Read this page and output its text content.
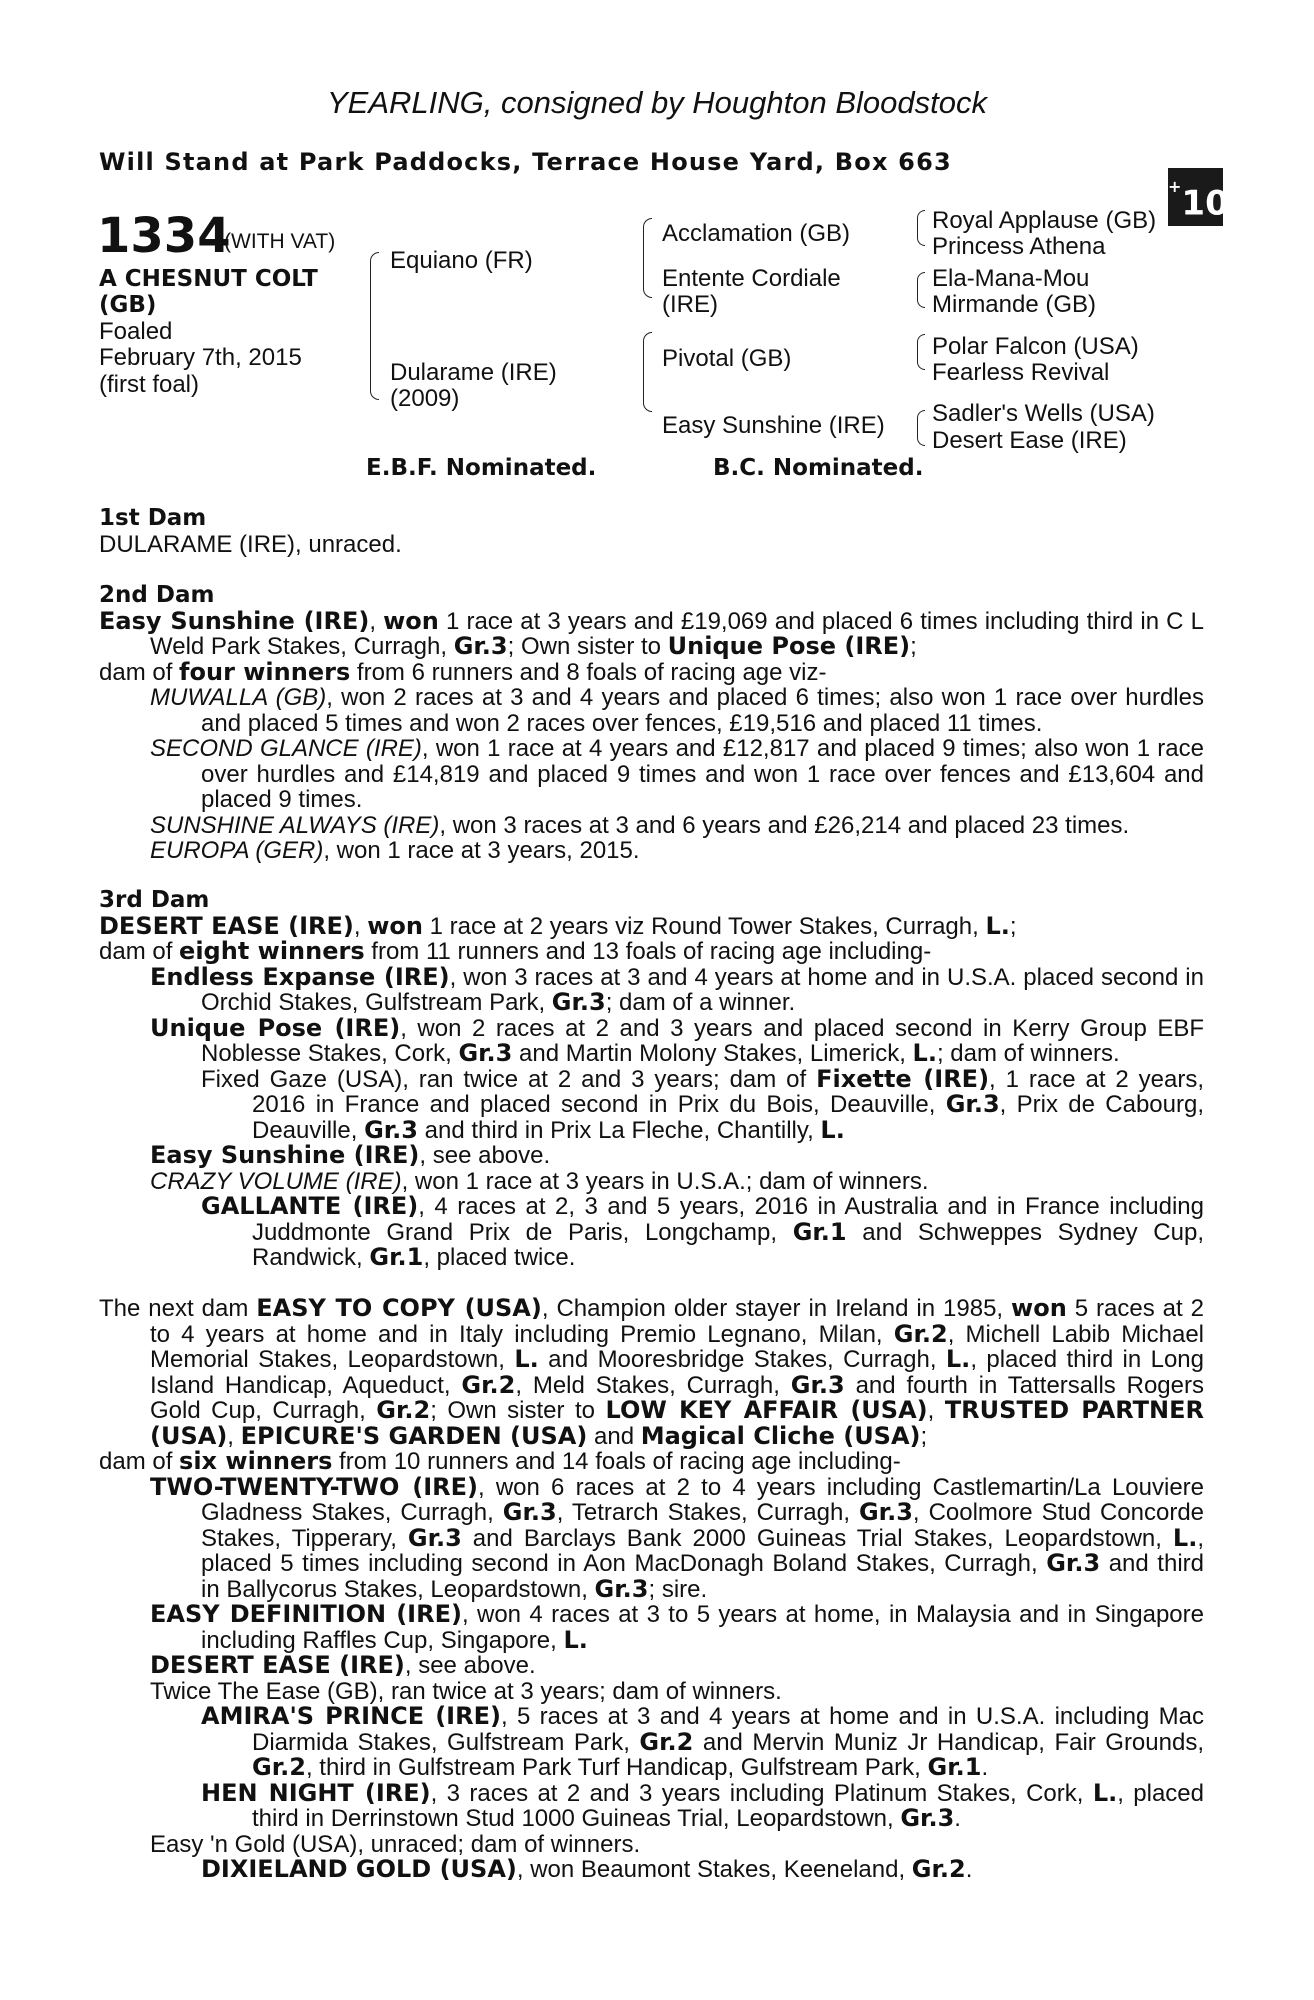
YEARLING, consigned by Houghton Bloodstock
Will Stand at Park Paddocks, Terrace House Yard, Box 663
+10
1334
(WITH VAT)
A CHESNUT COLT
(GB)
Foaled
February 7th, 2015
(first foal)
Equiano (FR)
Dularame (IRE)
(2009)
Acclamation (GB)
Entente Cordiale
(IRE)
Pivotal (GB)
Easy Sunshine (IRE)
Royal Applause (GB)
Princess Athena
Ela-Mana-Mou
Mirmande (GB)
Polar Falcon (USA)
Fearless Revival
Sadler's Wells (USA)
Desert Ease (IRE)
E.B.F. Nominated.	B.C. Nominated.

1st Dam

DULARAME (IRE), unraced.

2nd Dam

Easy Sunshine (IRE), won 1 race at 3 years and £19,069 and placed 6 times including third in C L Weld Park Stakes, Curragh, Gr.3; Own sister to Unique Pose (IRE);

dam of four winners from 6 runners and 8 foals of racing age viz-

MUWALLA (GB), won 2 races at 3 and 4 years and placed 6 times; also won 1 race over hurdles and placed 5 times and won 2 races over fences, £19,516 and placed 11 times.

SECOND GLANCE (IRE), won 1 race at 4 years and £12,817 and placed 9 times; also won 1 race over hurdles and £14,819 and placed 9 times and won 1 race over fences and £13,604 and placed 9 times.

SUNSHINE ALWAYS (IRE), won 3 races at 3 and 6 years and £26,214 and placed 23 times.

EUROPA (GER), won 1 race at 3 years, 2015.

3rd Dam

DESERT EASE (IRE), won 1 race at 2 years viz Round Tower Stakes, Curragh, L.;

dam of eight winners from 11 runners and 13 foals of racing age including-

Endless Expanse (IRE), won 3 races at 3 and 4 years at home and in U.S.A. placed second in Orchid Stakes, Gulfstream Park, Gr.3; dam of a winner.

Unique Pose (IRE), won 2 races at 2 and 3 years and placed second in Kerry Group EBF Noblesse Stakes, Cork, Gr.3 and Martin Molony Stakes, Limerick, L.; dam of winners.

Fixed Gaze (USA), ran twice at 2 and 3 years; dam of Fixette (IRE), 1 race at 2 years, 2016 in France and placed second in Prix du Bois, Deauville, Gr.3, Prix de Cabourg, Deauville, Gr.3 and third in Prix La Fleche, Chantilly, L.

Easy Sunshine (IRE), see above.

CRAZY VOLUME (IRE), won 1 race at 3 years in U.S.A.; dam of winners.

GALLANTE (IRE), 4 races at 2, 3 and 5 years, 2016 in Australia and in France including Juddmonte Grand Prix de Paris, Longchamp, Gr.1 and Schweppes Sydney Cup, Randwick, Gr.1, placed twice.

The next dam EASY TO COPY (USA), Champion older stayer in Ireland in 1985, won 5 races at 2 to 4 years at home and in Italy including Premio Legnano, Milan, Gr.2, Michell Labib Michael Memorial Stakes, Leopardstown, L. and Mooresbridge Stakes, Curragh, L., placed third in Long Island Handicap, Aqueduct, Gr.2, Meld Stakes, Curragh, Gr.3 and fourth in Tattersalls Rogers Gold Cup, Curragh, Gr.2; Own sister to LOW KEY AFFAIR (USA), TRUSTED PARTNER (USA), EPICURE'S GARDEN (USA) and Magical Cliche (USA);

dam of six winners from 10 runners and 14 foals of racing age including-

TWO-TWENTY-TWO (IRE), won 6 races at 2 to 4 years including Castlemartin/La Louviere Gladness Stakes, Curragh, Gr.3, Tetrarch Stakes, Curragh, Gr.3, Coolmore Stud Concorde Stakes, Tipperary, Gr.3 and Barclays Bank 2000 Guineas Trial Stakes, Leopardstown, L., placed 5 times including second in Aon MacDonagh Boland Stakes, Curragh, Gr.3 and third in Ballycorus Stakes, Leopardstown, Gr.3; sire.

EASY DEFINITION (IRE), won 4 races at 3 to 5 years at home, in Malaysia and in Singapore including Raffles Cup, Singapore, L.

DESERT EASE (IRE), see above.

Twice The Ease (GB), ran twice at 3 years; dam of winners.

AMIRA'S PRINCE (IRE), 5 races at 3 and 4 years at home and in U.S.A. including Mac Diarmida Stakes, Gulfstream Park, Gr.2 and Mervin Muniz Jr Handicap, Fair Grounds, Gr.2, third in Gulfstream Park Turf Handicap, Gulfstream Park, Gr.1.

HEN NIGHT (IRE), 3 races at 2 and 3 years including Platinum Stakes, Cork, L., placed third in Derrinstown Stud 1000 Guineas Trial, Leopardstown, Gr.3.

Easy 'n Gold (USA), unraced; dam of winners.

DIXIELAND GOLD (USA), won Beaumont Stakes, Keeneland, Gr.2.
